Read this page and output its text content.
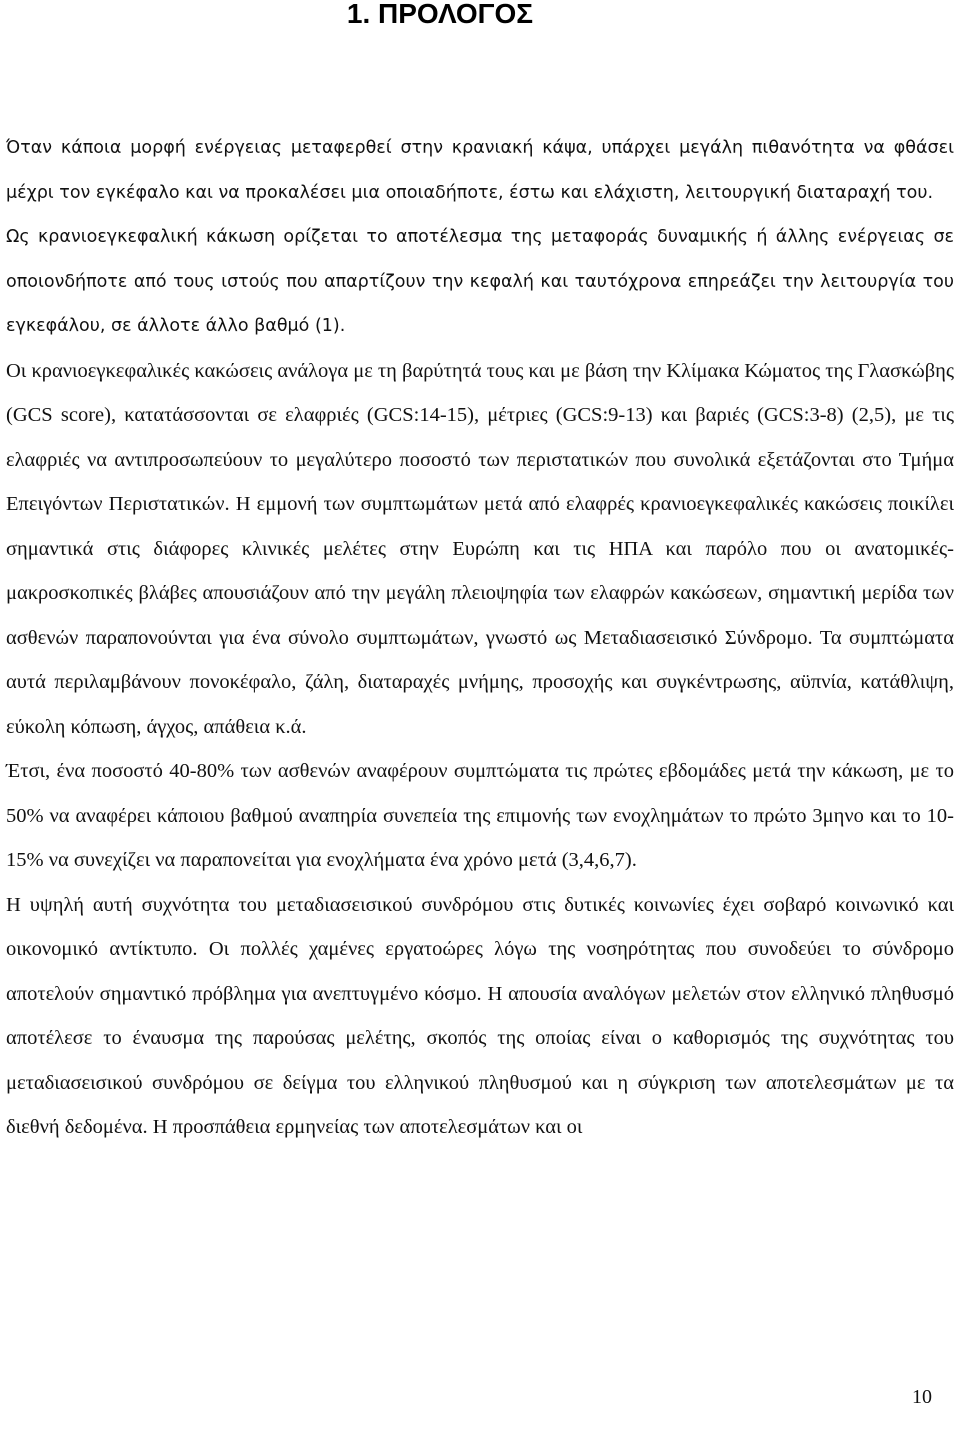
1. ΠΡΟΛΟΓΟΣ

Όταν κάποια μορφή ενέργειας μεταφερθεί στην κρανιακή κάψα, υπάρχει μεγάλη πιθανότητα να φθάσει μέχρι τον εγκέφαλο και να προκαλέσει μια οποιαδήποτε, έστω και ελάχιστη, λειτουργική διαταραχή του.

Ως κρανιοεγκεφαλική κάκωση ορίζεται το αποτέλεσμα της μεταφοράς δυναμικής ή άλλης ενέργειας σε οποιονδήποτε από τους ιστούς που απαρτίζουν την κεφαλή και ταυτόχρονα επηρεάζει την λειτουργία του εγκεφάλου, σε άλλοτε άλλο βαθμό (1).

Οι κρανιοεγκεφαλικές κακώσεις ανάλογα με τη βαρύτητά τους και με βάση την Κλίμακα Κώματος της Γλασκώβης (GCS score), κατατάσσονται σε ελαφριές (GCS:14-15), μέτριες (GCS:9-13) και βαριές (GCS:3-8) (2,5), με τις ελαφριές να αντιπροσωπεύουν το μεγαλύτερο ποσοστό των περιστατικών που συνολικά εξετάζονται στο Τμήμα Επειγόντων Περιστατικών. Η εμμονή των συμπτωμάτων μετά από ελαφρές κρανιοεγκεφαλικές κακώσεις ποικίλει σημαντικά στις διάφορες κλινικές μελέτες στην Ευρώπη και τις ΗΠΑ και παρόλο που οι ανατομικές-μακροσκοπικές βλάβες απουσιάζουν από την μεγάλη πλειοψηφία των ελαφρών κακώσεων, σημαντική μερίδα των ασθενών παραπονούνται για ένα σύνολο συμπτωμάτων, γνωστό ως Μεταδιασεισικό Σύνδρομο. Τα συμπτώματα αυτά περιλαμβάνουν πονοκέφαλο, ζάλη, διαταραχές μνήμης, προσοχής και συγκέντρωσης, αϋπνία, κατάθλιψη, εύκολη κόπωση, άγχος, απάθεια κ.ά.

Έτσι, ένα ποσοστό 40-80% των ασθενών αναφέρουν συμπτώματα τις πρώτες εβδομάδες μετά την κάκωση, με το 50% να αναφέρει κάποιου βαθμού αναπηρία συνεπεία της επιμονής των ενοχλημάτων το πρώτο 3μηνο και το 10-15% να συνεχίζει να παραπονείται για ενοχλήματα ένα χρόνο μετά (3,4,6,7).

Η υψηλή αυτή συχνότητα του μεταδιασεισικού συνδρόμου στις δυτικές κοινωνίες έχει σοβαρό κοινωνικό και οικονομικό αντίκτυπο. Οι πολλές χαμένες εργατοώρες λόγω της νοσηρότητας που συνοδεύει το σύνδρομο αποτελούν σημαντικό πρόβλημα για ανεπτυγμένο κόσμο. Η απουσία αναλόγων μελετών στον ελληνικό πληθυσμό αποτέλεσε το έναυσμα της παρούσας μελέτης, σκοπός της οποίας είναι ο καθορισμός της συχνότητας του μεταδιασεισικού συνδρόμου σε δείγμα του ελληνικού πληθυσμού και η σύγκριση των αποτελεσμάτων με τα διεθνή δεδομένα. Η προσπάθεια ερμηνείας των αποτελεσμάτων και οι

10
